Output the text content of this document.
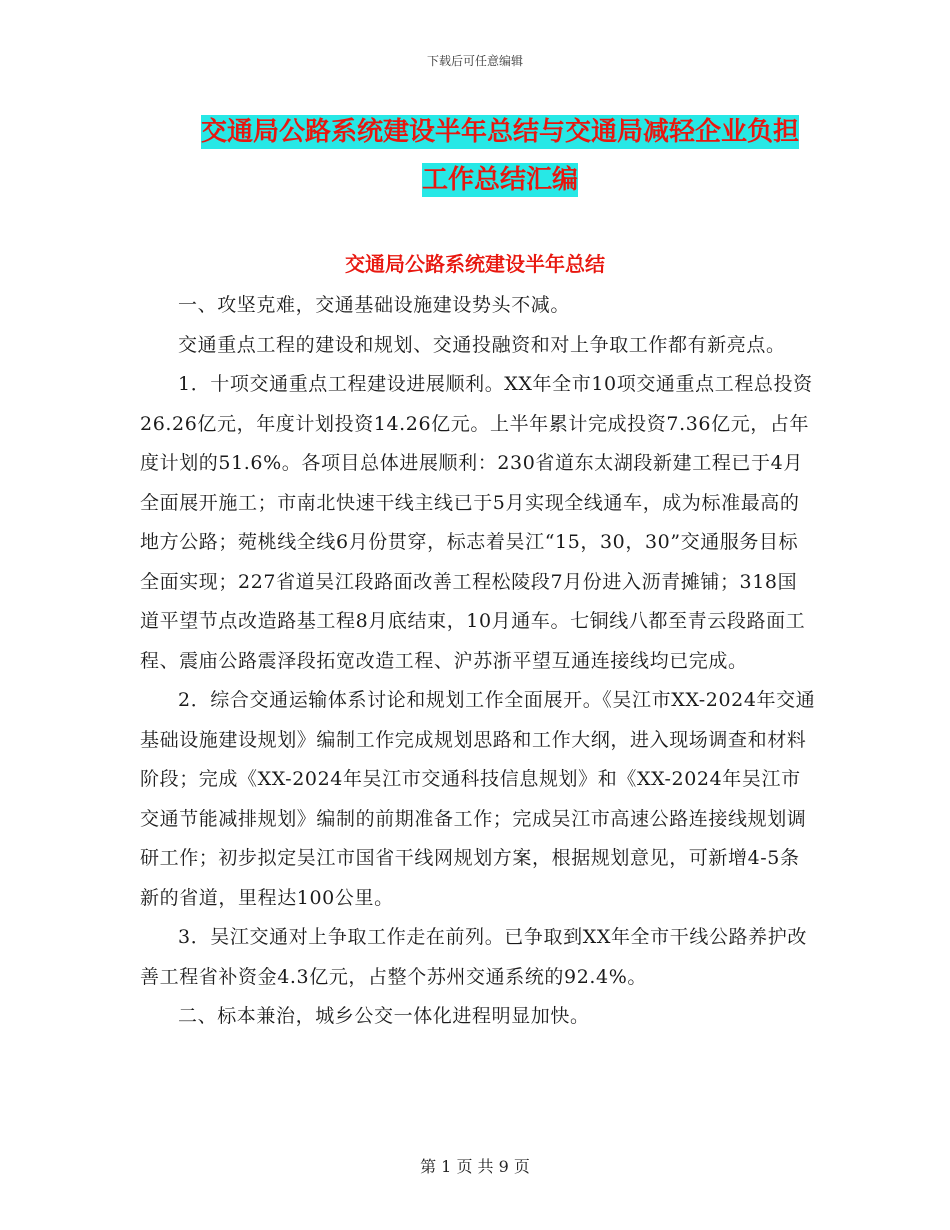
下载后可任意编辑
交通局公路系统建设半年总结与交通局减轻企业负担
工作总结汇编
交通局公路系统建设半年总结

一、攻坚克难，交通基础设施建设势头不减。

交通重点工程的建设和规划、交通投融资和对上争取工作都有新亮点。

1．十项交通重点工程建设进展顺利。XX年全市10项交通重点工程总投资26.26亿元，年度计划投资14.26亿元。上半年累计完成投资7.36亿元，占年度计划的51.6%。各项目总体进展顺利：230省道东太湖段新建工程已于4月全面展开施工；市南北快速干线主线已于5月实现全线通车，成为标准最高的地方公路；菀桃线全线6月份贯穿，标志着吴江“15，30，30”交通服务目标全面实现；227省道吴江段路面改善工程松陵段7月份进入沥青摊铺；318国道平望节点改造路基工程8月底结束，10月通车。七铜线八都至青云段路面工程、震庙公路震泽段拓宽改造工程、沪苏浙平望互通连接线均已完成。

2．综合交通运输体系讨论和规划工作全面展开。《吴江市XX-2024年交通基础设施建设规划》编制工作完成规划思路和工作大纲，进入现场调查和材料阶段；完成《XX-2024年吴江市交通科技信息规划》和《XX-2024年吴江市交通节能减排规划》编制的前期准备工作；完成吴江市高速公路连接线规划调研工作；初步拟定吴江市国省干线网规划方案，根据规划意见，可新增4-5条新的省道，里程达100公里。

3．吴江交通对上争取工作走在前列。已争取到XX年全市干线公路养护改善工程省补资金4.3亿元，占整个苏州交通系统的92.4%。

二、标本兼治，城乡公交一体化进程明显加快。

第 1 页 共 9 页
